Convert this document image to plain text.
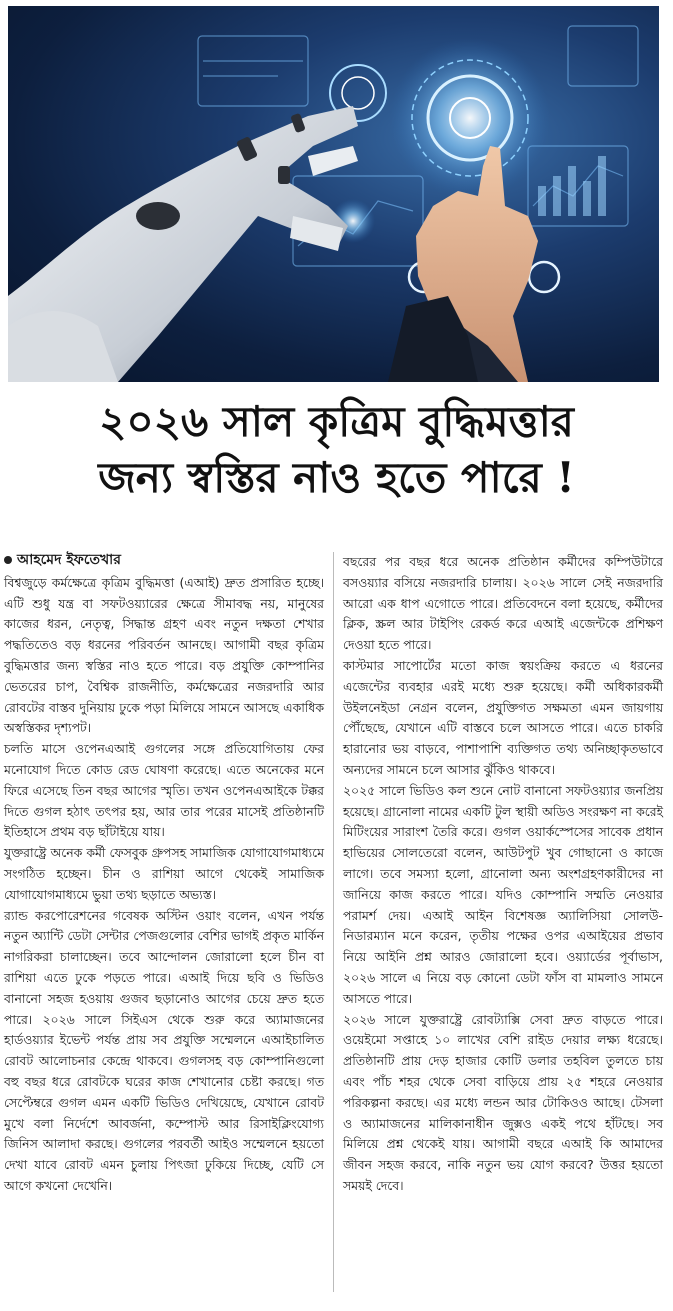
২০২৬ সাল কৃত্রিম বুদ্ধিমত্তার
জন্য স্বস্তির নাও হতে পারে !

আহমেদ ইফতেখার

বিশ্বজুড়ে কর্মক্ষেত্রে কৃত্রিম বুদ্ধিমত্তা (এআই) দ্রুত প্রসারিত হচ্ছে। এটি শুধু যন্ত্র বা সফটওয়্যারের ক্ষেত্রে সীমাবদ্ধ নয়, মানুষের কাজের ধরন, নেতৃত্ব, সিদ্ধান্ত গ্রহণ এবং নতুন দক্ষতা শেখার পদ্ধতিতেও বড় ধরনের পরিবর্তন আনছে। আগামী বছর কৃত্রিম বুদ্ধিমত্তার জন্য স্বস্তির নাও হতে পারে। বড় প্রযুক্তি কোম্পানির ভেতরের চাপ, বৈশ্বিক রাজনীতি, কর্মক্ষেত্রের নজরদারি আর রোবটের বাস্তব দুনিয়ায় ঢুকে পড়া মিলিয়ে সামনে আসছে একাধিক অস্বস্তিকর দৃশ্যপট।

চলতি মাসে ওপেনএআই গুগলের সঙ্গে প্রতিযোগিতায় ফের মনোযোগ দিতে কোড রেড ঘোষণা করেছে। এতে অনেকের মনে ফিরে এসেছে তিন বছর আগের স্মৃতি। তখন ওপেনএআইকে টক্কর দিতে গুগল হঠাৎ তৎপর হয়, আর তার পরের মাসেই প্রতিষ্ঠানটি ইতিহাসে প্রথম বড় ছাঁটাইয়ে যায়।

যুক্তরাষ্ট্রে অনেক কর্মী ফেসবুক গ্রুপসহ সামাজিক যোগাযোগমাধ্যমে সংগঠিত হচ্ছেন। চীন ও রাশিয়া আগে থেকেই সামাজিক যোগাযোগমাধ্যমে ভুয়া তথ্য ছড়াতে অভ্যস্ত।

র‍্যান্ড করপোরেশনের গবেষক অস্টিন ওয়াং বলেন, এখন পর্যন্ত নতুন অ্যান্টি ডেটা সেন্টার পেজগুলোর বেশির ভাগই প্রকৃত মার্কিন নাগরিকরা চালাচ্ছেন। তবে আন্দোলন জোরালো হলে চীন বা রাশিয়া এতে ঢুকে পড়তে পারে। এআই দিয়ে ছবি ও ভিডিও বানানো সহজ হওয়ায় গুজব ছড়ানোও আগের চেয়ে দ্রুত হতে পারে। ২০২৬ সালে সিইএস থেকে শুরু করে অ্যামাজনের হার্ডওয়্যার ইভেন্ট পর্যন্ত প্রায় সব প্রযুক্তি সম্মেলনে এআইচালিত রোবট আলোচনার কেন্দ্রে থাকবে। গুগলসহ বড় কোম্পানিগুলো বহু বছর ধরে রোবটকে ঘরের কাজ শেখানোর চেষ্টা করছে। গত সেপ্টেম্বরে গুগল এমন একটি ভিডিও দেখিয়েছে, যেখানে রোবট মুখে বলা নির্দেশে আবর্জনা, কম্পোস্ট আর রিসাইক্লিংযোগ্য জিনিস আলাদা করছে। গুগলের পরবর্তী আইও সম্মেলনে হয়তো দেখা যাবে রোবট এমন চুলায় পিৎজা ঢুকিয়ে দিচ্ছে, যেটি সে আগে কখনো দেখেনি।

বছরের পর বছর ধরে অনেক প্রতিষ্ঠান কর্মীদের কম্পিউটারে বসওয়্যার বসিয়ে নজরদারি চালায়। ২০২৬ সালে সেই নজরদারি আরো এক ধাপ এগোতে পারে। প্রতিবেদনে বলা হয়েছে, কর্মীদের ক্লিক, স্ক্রল আর টাইপিং রেকর্ড করে এআই এজেন্টকে প্রশিক্ষণ দেওয়া হতে পারে।

কাস্টমার সাপোর্টের মতো কাজ স্বয়ংক্রিয় করতে এ ধরনের এজেন্টের ব্যবহার এরই মধ্যে শুরু হয়েছে। কর্মী অধিকারকর্মী উইলনেইডা নেগ্রন বলেন, প্রযুক্তিগত সক্ষমতা এমন জায়গায় পৌঁছেছে, যেখানে এটি বাস্তবে চলে আসতে পারে। এতে চাকরি হারানোর ভয় বাড়বে, পাশাপাশি ব্যক্তিগত তথ্য অনিচ্ছাকৃতভাবে অন্যদের সামনে চলে আসার ঝুঁকিও থাকবে।

২০২৫ সালে ভিডিও কল শুনে নোট বানানো সফটওয়্যার জনপ্রিয় হয়েছে। গ্রানোলা নামের একটি টুল স্থায়ী অডিও সংরক্ষণ না করেই মিটিংয়ের সারাংশ তৈরি করে। গুগল ওয়ার্কস্পেসের সাবেক প্রধান হাভিয়ের সোলতেরো বলেন, আউটপুট খুব গোছানো ও কাজে লাগে। তবে সমস্যা হলো, গ্রানোলা অন্য অংশগ্রহণকারীদের না জানিয়ে কাজ করতে পারে। যদিও কোম্পানি সম্মতি নেওয়ার পরামর্শ দেয়। এআই আইন বিশেষজ্ঞ অ্যালিসিয়া সোলউ-নিডারম্যান মনে করেন, তৃতীয় পক্ষের ওপর এআইয়ের প্রভাব নিয়ে আইনি প্রশ্ন আরও জোরালো হবে। ওয়্যার্ডের পূর্বাভাস, ২০২৬ সালে এ নিয়ে বড় কোনো ডেটা ফাঁস বা মামলাও সামনে আসতে পারে।

২০২৬ সালে যুক্তরাষ্ট্রে রোবট্যাক্সি সেবা দ্রুত বাড়তে পারে। ওয়েইমো সপ্তাহে ১০ লাখের বেশি রাইড দেয়ার লক্ষ্য ধরেছে। প্রতিষ্ঠানটি প্রায় দেড় হাজার কোটি ডলার তহবিল তুলতে চায় এবং পাঁচ শহর থেকে সেবা বাড়িয়ে প্রায় ২৫ শহরে নেওয়ার পরিকল্পনা করছে। এর মধ্যে লন্ডন আর টোকিওও আছে। টেসলা ও অ্যামাজনের মালিকানাধীন জুক্সও একই পথে হাঁটছে। সব মিলিয়ে প্রশ্ন থেকেই যায়। আগামী বছরে এআই কি আমাদের জীবন সহজ করবে, নাকি নতুন ভয় যোগ করবে? উত্তর হয়তো সময়ই দেবে।
